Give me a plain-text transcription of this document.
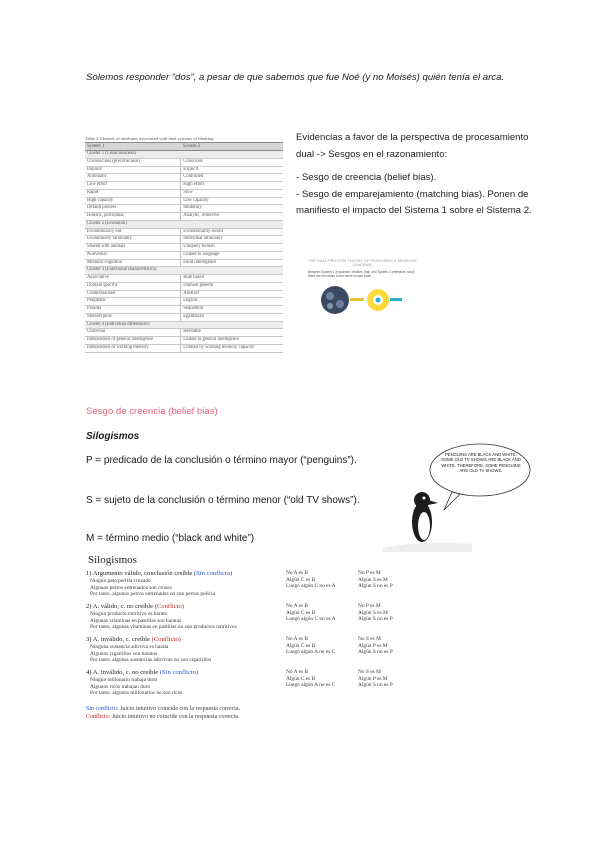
Solemos responder “dos”, a pesar de que sabemos que fue Noé (y no Moisés) quién tenía el arca.
Table 2 Clusters of attributes associated with dual systems of thinking
System 1	System 2
Cluster 1 (Consciousness)	
Unconscious (preconscious)	Conscious
Implicit	Explicit
Automatic	Controlled
Low effort	High effort
Rapid	Slow
High capacity	Low capacity
Default process	Inhibitory
Holistic, perceptual	Analytic, reflective
Cluster 2 (Evolution)	
Evolutionarily old	Evolutionarily recent
Evolutionary rationality	Individual rationality
Shared with animals	Uniquely human
Nonverbal	Linked to language
Modular cognition	Fluid intelligence
Cluster 3 (Functional characteristics)	
Associative	Rule based
Domain specific	Domain general
Contextualized	Abstract
Pragmatic	Logical
Parallel	Sequential
Stereotypical	Egalitarian
Cluster 4 (Individual differences)	
Universal	Heritable
Independent of general intelligence	Linked to general intelligence
Independent of working memory	Limited by working memory capacity

Evidencias a favor de la perspectiva de procesamiento dual -> Sesgos en el razonamiento:

- Sesgo de creencia (belief bias).

- Sesgo de emparejamiento (matching bias). Ponen de manifiesto el impacto del Sistema 1 sobre el Sistema 2.

THE DUAL-PROCESS THEORY OF REASONING & BEHAVIOR (DIAGRAM)
Between System 1 (impulsive, intuitive, fast) and System 2 (reflective, slow) there are two sides of the same human brain...
Sesgo de creencia (belief bias)
Silogismos
P = predicado de la conclusión o término mayor (“penguins”).
S = sujeto de la conclusión o término menor (“old TV shows”).
M = término medio (“black and white”)
PENGUINS ARE BLACK AND WHITE. SOME OLD TV SHOWS ARE BLACK AND WHITE. THEREFORE, SOME PENGUINS ARE OLD TV SHOWS.
Silogismos
1) Argumento válido, conclusión creíble (Sin conflicto)
Ningún pato perfila cruzado
Algunos perros entrenados son cruzes
Por tanto, algunos perros entrenados no son perros policia
No A es B
Algún C es B
Luego algún C no es A
No P es M
Algún S es M
Algún S no es P
2) A. válido, c. no creíble (Conflicto)
Ningún producto nutritivo es barato
Algunas vitaminas en pastillas son baratas
Por tanto, algunas vitaminas en pastillas no son productos nutritivos
No A es B
Algún C es B
Luego algún C no es A
No P es M
Algún S es M
Algún S no es P
3) A. inválido, c. creíble (Conflicto)
Ninguna sustancia adictiva es barata
Algunos cigarrillos son baratos
Por tanto, algunas sustancias adictivas no son cigarrillos
No A es B
Algún C es B
Luego algún A no es C
No S es M
Algún P es M
Algún S no es P
4) A. inválido, c. no creíble (Sin conflicto)
Ningún millonario trabaja duro
Algunos ricos trabajan duro
Por tanto, algunos millonarios no son ricos
No A es B
Algún C es B
Luego algún A no es C
No S es M
Algún P es M
Algún S no es P
Sin conflicto: Juicio intuitivo coincide con la respuesta correcta.
Conflicto: Juicio intuitivo no coincide con la respuesta correcta.
